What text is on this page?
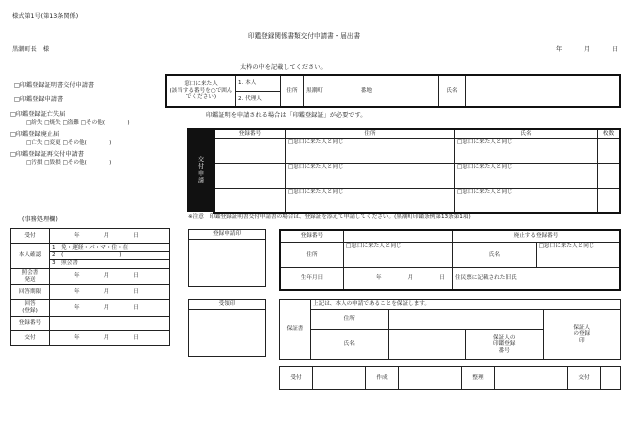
様式第1号(第13条関係)
印鑑登録関係書類交付申請書・届出書
黒潮町長　様	年	月	日
太枠の中を記載してください。
□印鑑登録証明書交付申請書
□印鑑登録申請書
□印鑑登録証亡失届
□紛失 □焼失 □盗難 □その他(　　　　)
□印鑑登録廃止届
□亡失 □変更 □その他(　　　　)
□印鑑登録証再交付申請書
□汚損 □毀損 □その他(　　　　)
窓口に来た人
(該当する番号を○で囲んでください)	1. 本人	住所	黒潮町	番地	氏名	
2. 代理人
印鑑証明を申請される場合は「印鑑登録証」が必要です。
交付申請
登録番号	住所	氏名	枚数
	□窓口に来た人と同じ	□窓口に来た人と同じ	
	□窓口に来た人と同じ	□窓口に来た人と同じ	
	□窓口に来た人と同じ	□窓口に来た人と同じ	
※注意　印鑑登録証明書交付申請書の場合は、登録証を添えて申請してください。(黒潮町印鑑条例第13条第1項)
(事務処理欄)
受付	年 月 日
本人確認	1　免・運経・パ・マ・住・在
2　(　　　　　　　　　　)
3　照会書

照会書
発送	年 月 日
回答期限	年 月 日
回答
(登録)	年 月 日
登録番号	
交付	年 月 日
登録申請印	登録番号		廃止する登録番号	
住所	□窓口に来た人と同じ	氏名	□窓口に来た人と同じ
生年月日	年 月 日	住民票に記載された旧氏	
受領印
保証書	上記は、本人の申請であることを保証します。			
	住所			保証人
の登録
印
	氏名		保証人の
印鑑登録
番号	
受付		作成		整理		交付	
